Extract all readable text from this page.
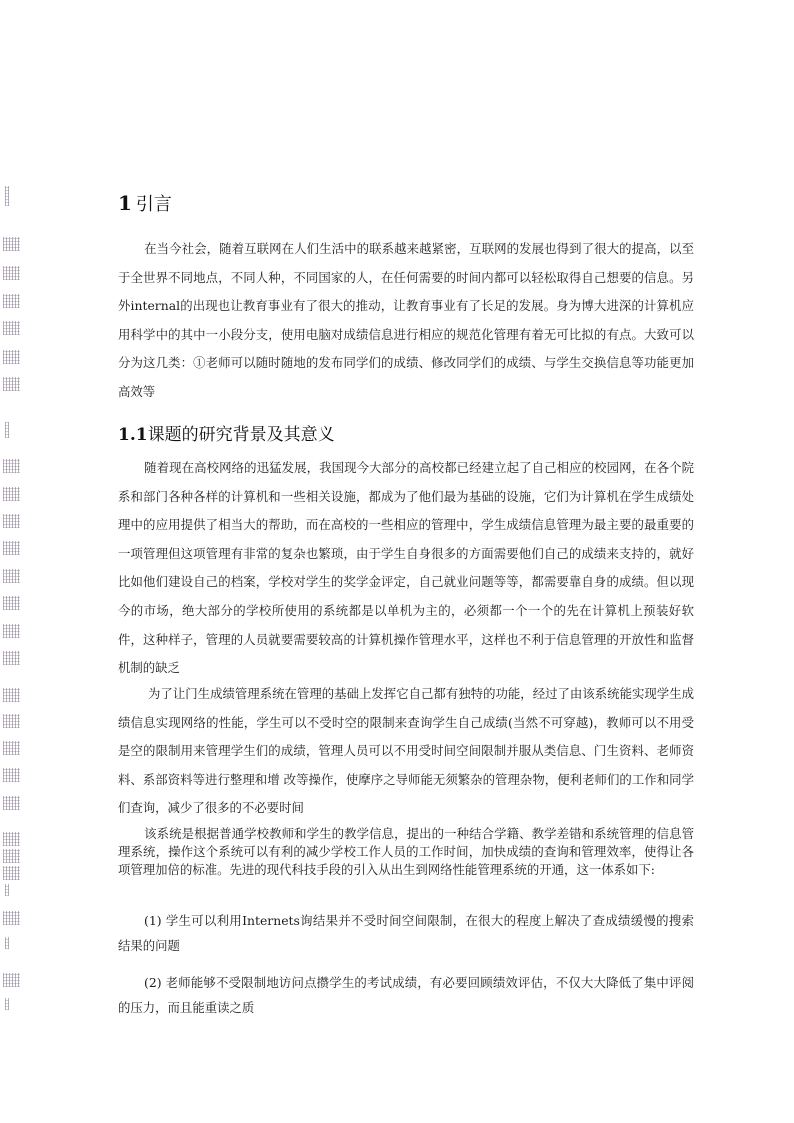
1 引言

在当今社会，随着互联网在人们生活中的联系越来越紧密，互联网的发展也得到了很大的提高，以至于全世界不同地点，不同人种，不同国家的人，在任何需要的时间内都可以轻松取得自己想要的信息。另外internal的出现也让教育事业有了很大的推动，让教育事业有了长足的发展。身为博大进深的计算机应用科学中的其中一小段分支，使用电脑对成绩信息进行相应的规范化管理有着无可比拟的有点。大致可以分为这几类：①老师可以随时随地的发布同学们的成绩、修改同学们的成绩、与学生交换信息等功能更加高效等

1.1课题的研究背景及其意义

随着现在高校网络的迅猛发展，我国现今大部分的高校都已经建立起了自己相应的校园网，在各个院系和部门各种各样的计算机和一些相关设施，都成为了他们最为基础的设施，它们为计算机在学生成绩处理中的应用提供了相当大的帮助，而在高校的一些相应的管理中，学生成绩信息管理为最主要的最重要的一项管理但这项管理有非常的复杂也繁琐，由于学生自身很多的方面需要他们自己的成绩来支持的，就好比如他们建设自己的档案，学校对学生的奖学金评定，自己就业问题等等，都需要靠自身的成绩。但以现今的市场，绝大部分的学校所使用的系统都是以单机为主的，必须都一个一个的先在计算机上预装好软件，这种样子，管理的人员就要需要较高的计算机操作管理水平，这样也不利于信息管理的开放性和监督机制的缺乏

为了让门生成绩管理系统在管理的基础上发挥它自己都有独特的功能，经过了由该系统能实现学生成绩信息实现网络的性能，学生可以不受时空的限制来查询学生自己成绩(当然不可穿越)，教师可以不用受是空的限制用来管理学生们的成绩，管理人员可以不用受时间空间限制并服从类信息、门生资料、老师资料、系部资料等进行整理和增 改等操作，使摩序之导师能无须繁杂的管理杂物，便利老师们的工作和同学们查询，减少了很多的不必要时间

该系统是根据普通学校教师和学生的教学信息，提出的一种结合学籍、教学差错和系统管理的信息管理系统，操作这个系统可以有利的减少学校工作人员的工作时间，加快成绩的查询和管理效率，使得让各项管理加倍的标准。先进的现代科技手段的引入从出生到网络性能管理系统的开通，这一体系如下:

(1) 学生可以利用Internets询结果并不受时间空间限制，在很大的程度上解决了查成绩缓慢的搜索结果的问题

(2) 老师能够不受限制地访问点攒学生的考试成绩，有必要回顾绩效评估，不仅大大降低了集中评阅的压力，而且能重读之质
